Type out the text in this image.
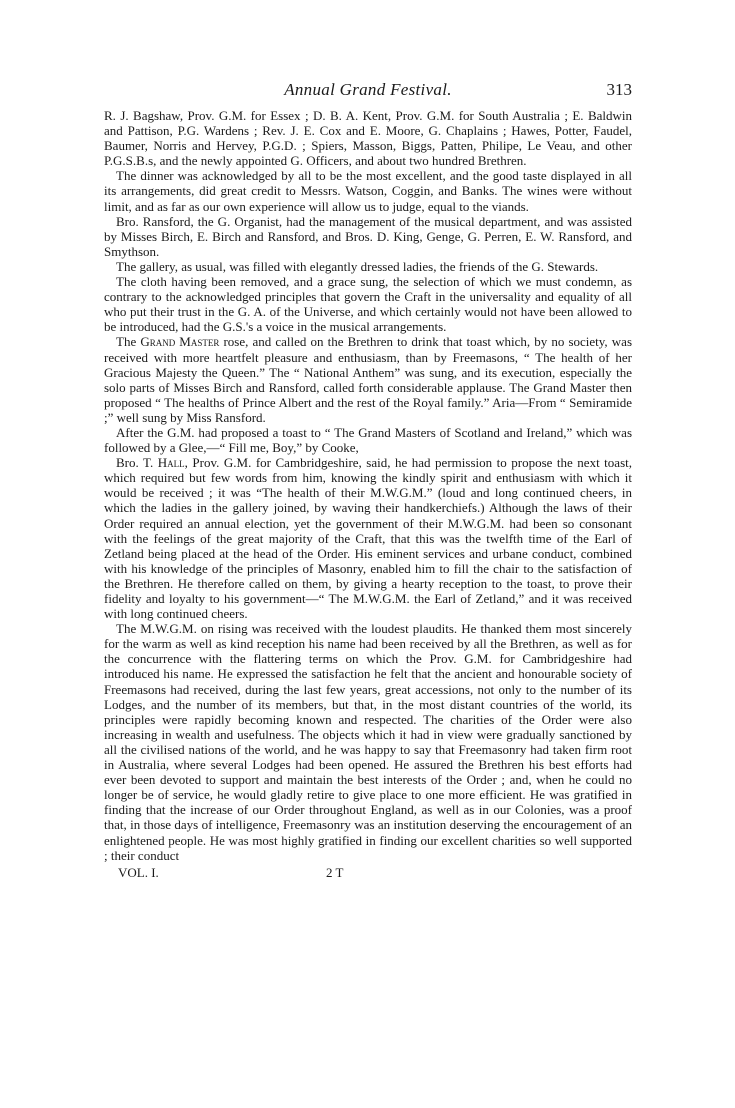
Annual Grand Festival.	313

R. J. Bagshaw, Prov. G.M. for Essex ; D. B. A. Kent, Prov. G.M. for South Australia ; E. Baldwin and Pattison, P.G. Wardens ; Rev. J. E. Cox and E. Moore, G. Chaplains ; Hawes, Potter, Faudel, Baumer, Norris and Hervey, P.G.D. ; Spiers, Masson, Biggs, Patten, Philipe, Le Veau, and other P.G.S.B.s, and the newly appointed G. Officers, and about two hundred Brethren.

The dinner was acknowledged by all to be the most excellent, and the good taste displayed in all its arrangements, did great credit to Messrs. Watson, Coggin, and Banks. The wines were without limit, and as far as our own experience will allow us to judge, equal to the viands.

Bro. Ransford, the G. Organist, had the management of the musical department, and was assisted by Misses Birch, E. Birch and Ransford, and Bros. D. King, Genge, G. Perren, E. W. Ransford, and Smythson.

The gallery, as usual, was filled with elegantly dressed ladies, the friends of the G. Stewards.

The cloth having been removed, and a grace sung, the selection of which we must condemn, as contrary to the acknowledged principles that govern the Craft in the universality and equality of all who put their trust in the G. A. of the Universe, and which certainly would not have been allowed to be introduced, had the G.S.'s a voice in the musical arrangements.

The Grand Master rose, and called on the Brethren to drink that toast which, by no society, was received with more heartfelt pleasure and enthusiasm, than by Freemasons, “ The health of her Gracious Majesty the Queen.” The “ National Anthem” was sung, and its execution, especially the solo parts of Misses Birch and Ransford, called forth considerable applause. The Grand Master then proposed “ The healths of Prince Albert and the rest of the Royal family.” Aria—From “ Semiramide ;” well sung by Miss Ransford.

After the G.M. had proposed a toast to “ The Grand Masters of Scotland and Ireland,” which was followed by a Glee,—“ Fill me, Boy,” by Cooke,

Bro. T. Hall, Prov. G.M. for Cambridgeshire, said, he had permission to propose the next toast, which required but few words from him, knowing the kindly spirit and enthusiasm with which it would be received ; it was “The health of their M.W.G.M.” (loud and long continued cheers, in which the ladies in the gallery joined, by waving their handkerchiefs.) Although the laws of their Order required an annual election, yet the government of their M.W.G.M. had been so consonant with the feelings of the great majority of the Craft, that this was the twelfth time of the Earl of Zetland being placed at the head of the Order. His eminent services and urbane conduct, combined with his knowledge of the principles of Masonry, enabled him to fill the chair to the satisfaction of the Brethren. He therefore called on them, by giving a hearty reception to the toast, to prove their fidelity and loyalty to his government—“ The M.W.G.M. the Earl of Zetland,” and it was received with long continued cheers.

The M.W.G.M. on rising was received with the loudest plaudits. He thanked them most sincerely for the warm as well as kind reception his name had been received by all the Brethren, as well as for the concurrence with the flattering terms on which the Prov. G.M. for Cambridgeshire had introduced his name. He expressed the satisfaction he felt that the ancient and honourable society of Freemasons had received, during the last few years, great accessions, not only to the number of its Lodges, and the number of its members, but that, in the most distant countries of the world, its principles were rapidly becoming known and respected. The charities of the Order were also increasing in wealth and usefulness. The objects which it had in view were gradually sanctioned by all the civilised nations of the world, and he was happy to say that Freemasonry had taken firm root in Australia, where several Lodges had been opened. He assured the Brethren his best efforts had ever been devoted to support and maintain the best interests of the Order ; and, when he could no longer be of service, he would gladly retire to give place to one more efficient. He was gratified in finding that the increase of our Order throughout England, as well as in our Colonies, was a proof that, in those days of intelligence, Freemasonry was an institution deserving the encouragement of an enlightened people. He was most highly gratified in finding our excellent charities so well supported ; their conduct

VOL. I.	2 T
